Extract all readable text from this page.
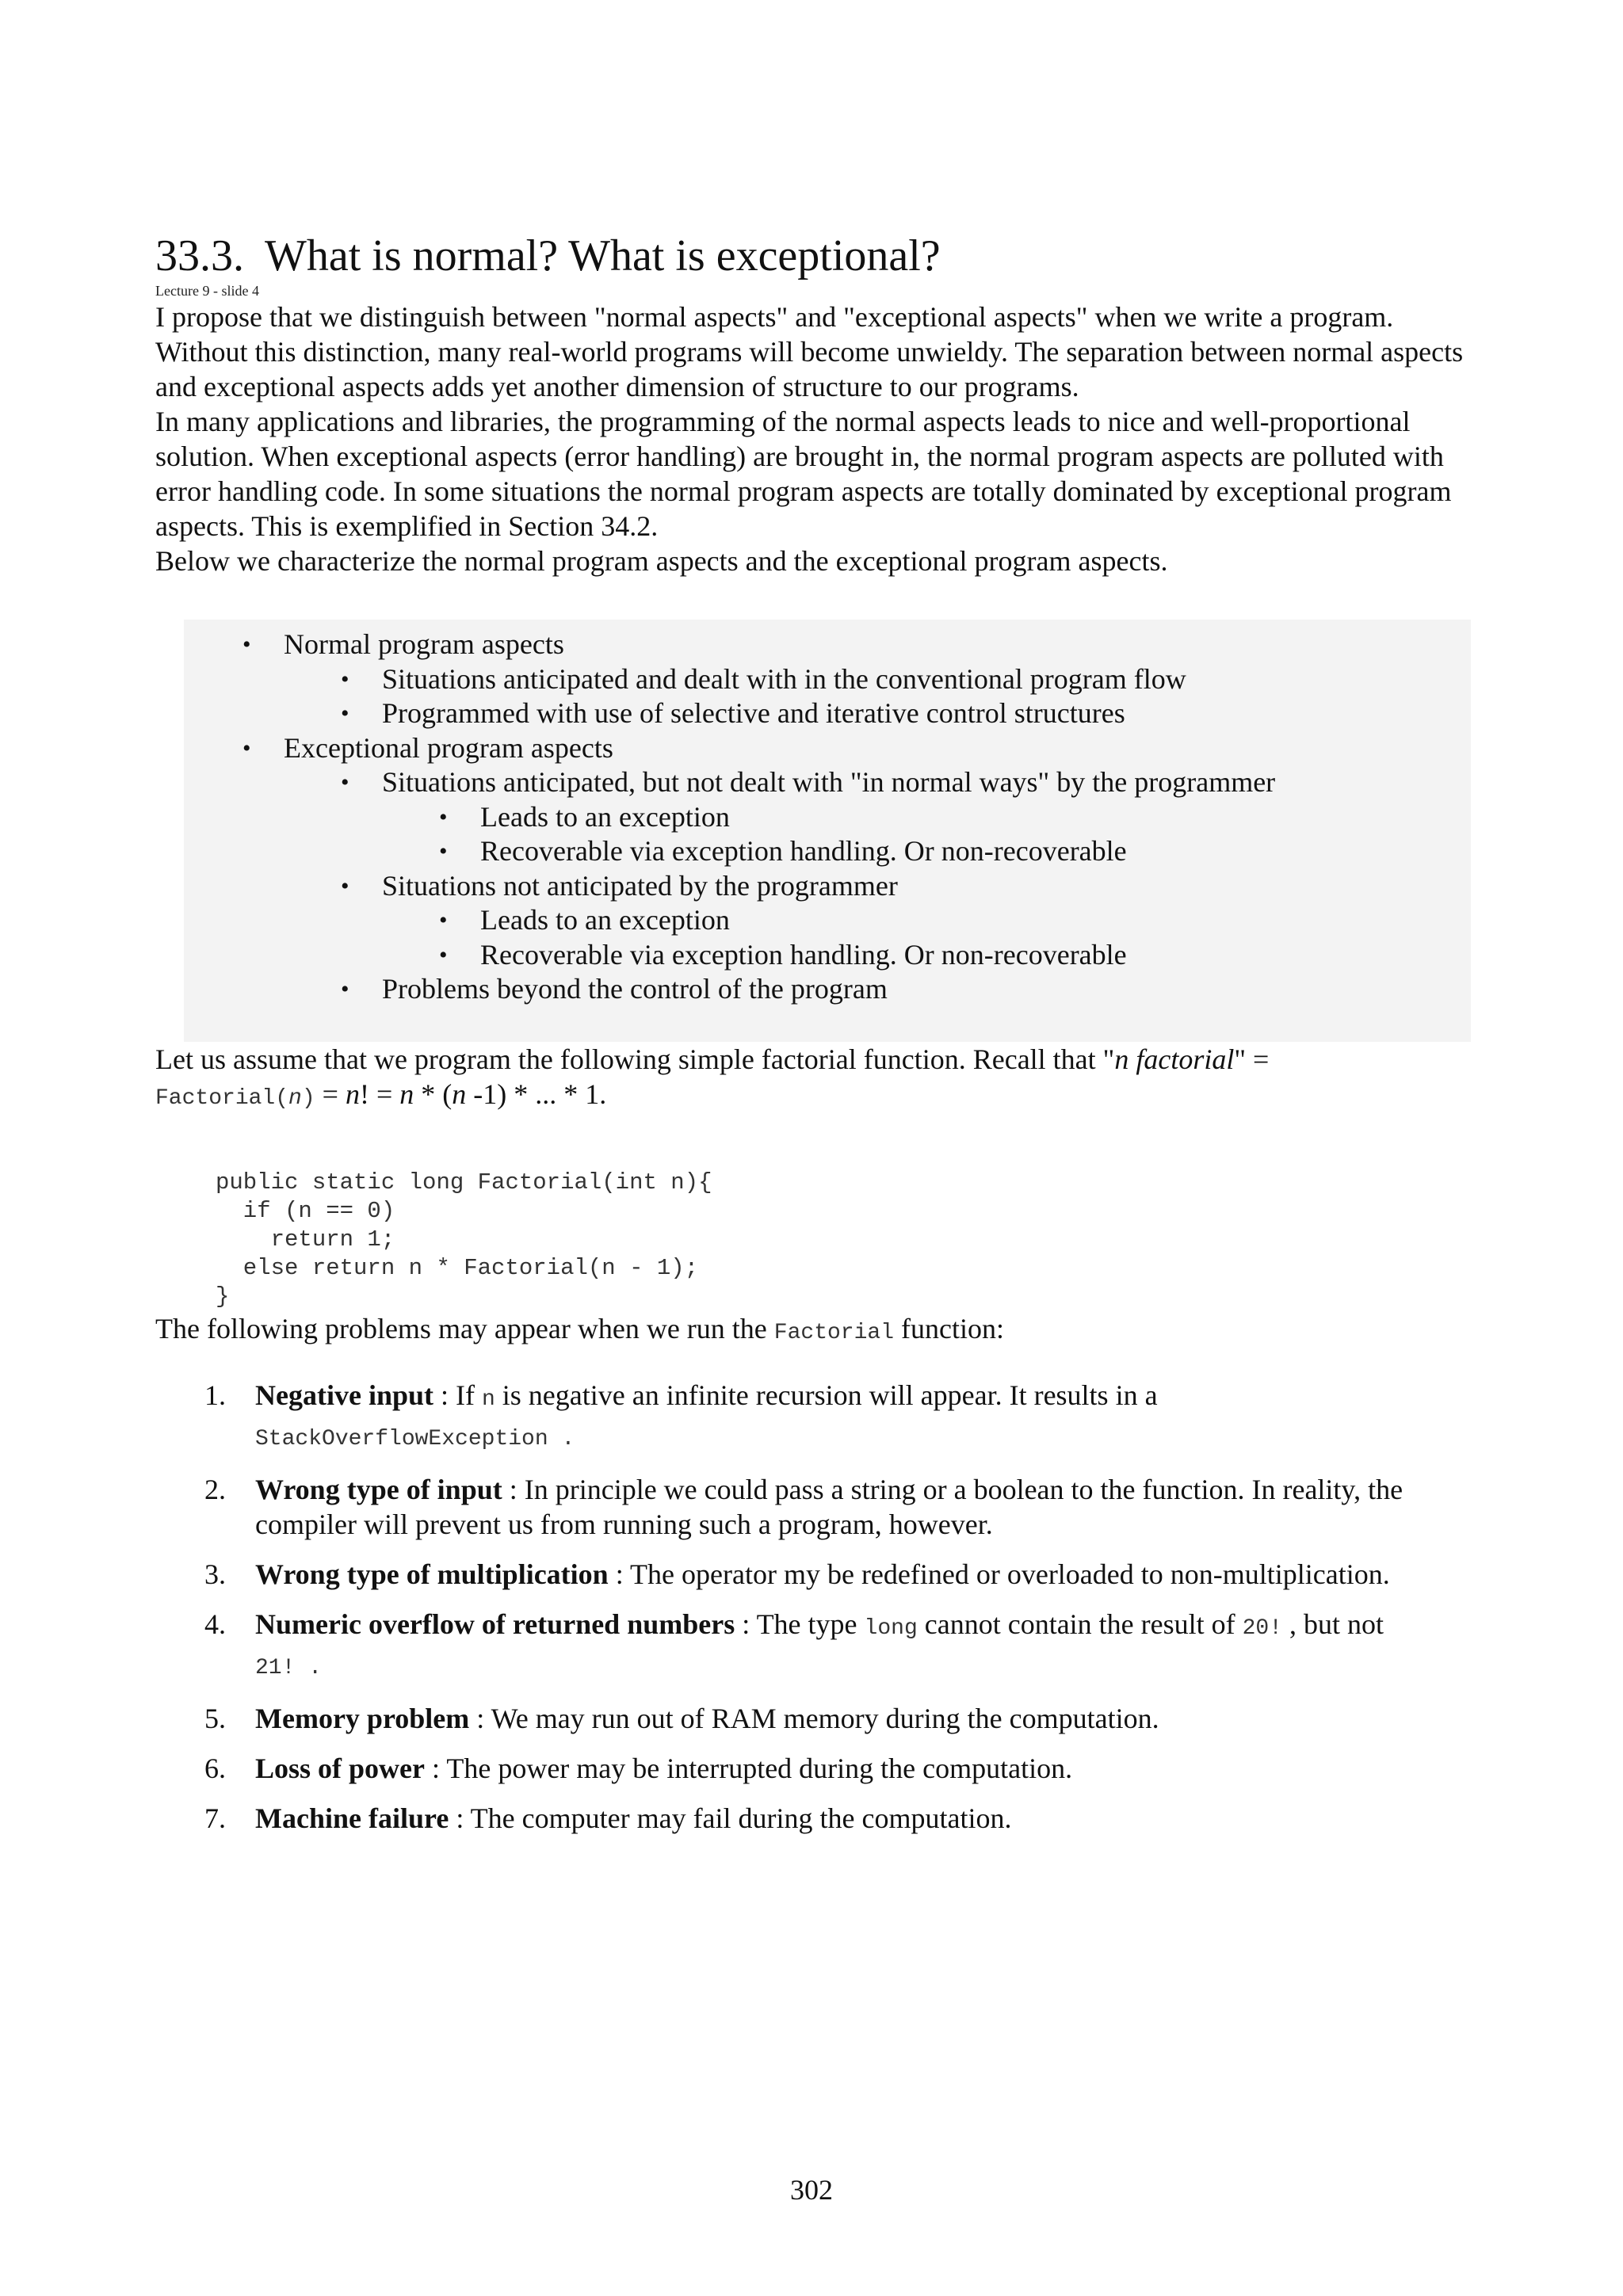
33.3. What is normal? What is exceptional?
Lecture 9 - slide 4

I propose that we distinguish between "normal aspects" and "exceptional aspects" when we write a program. Without this distinction, many real-world programs will become unwieldy. The separation between normal aspects and exceptional aspects adds yet another dimension of structure to our programs.

In many applications and libraries, the programming of the normal aspects leads to nice and well-proportional solution. When exceptional aspects (error handling) are brought in, the normal program aspects are polluted with error handling code. In some situations the normal program aspects are totally dominated by exceptional program aspects. This is exemplified in Section 34.2.

Below we characterize the normal program aspects and the exceptional program aspects.

• Normal program aspects
• Situations anticipated and dealt with in the conventional program flow
• Programmed with use of selective and iterative control structures
• Exceptional program aspects
• Situations anticipated, but not dealt with "in normal ways" by the programmer
• Leads to an exception
• Recoverable via exception handling. Or non-recoverable
• Situations not anticipated by the programmer
• Leads to an exception
• Recoverable via exception handling. Or non-recoverable
• Problems beyond the control of the program

Let us assume that we program the following simple factorial function. Recall that "n factorial" =
Factorial(n) = n! = n * (n -1) * ... * 1.

public static long Factorial(int n){
if (n == 0)
return 1;
else return n * Factorial(n - 1);
}

The following problems may appear when we run the Factorial function:

1. Negative input : If n is negative an infinite recursion will appear. It results in a
StackOverflowException .
2. Wrong type of input : In principle we could pass a string or a boolean to the function. In reality, the compiler will prevent us from running such a program, however.
3. Wrong type of multiplication : The operator my be redefined or overloaded to non-multiplication.
4. Numeric overflow of returned numbers : The type long cannot contain the result of 20! , but not
21! .
5. Memory problem : We may run out of RAM memory during the computation.
6. Loss of power : The power may be interrupted during the computation.
7. Machine failure : The computer may fail during the computation.
302
